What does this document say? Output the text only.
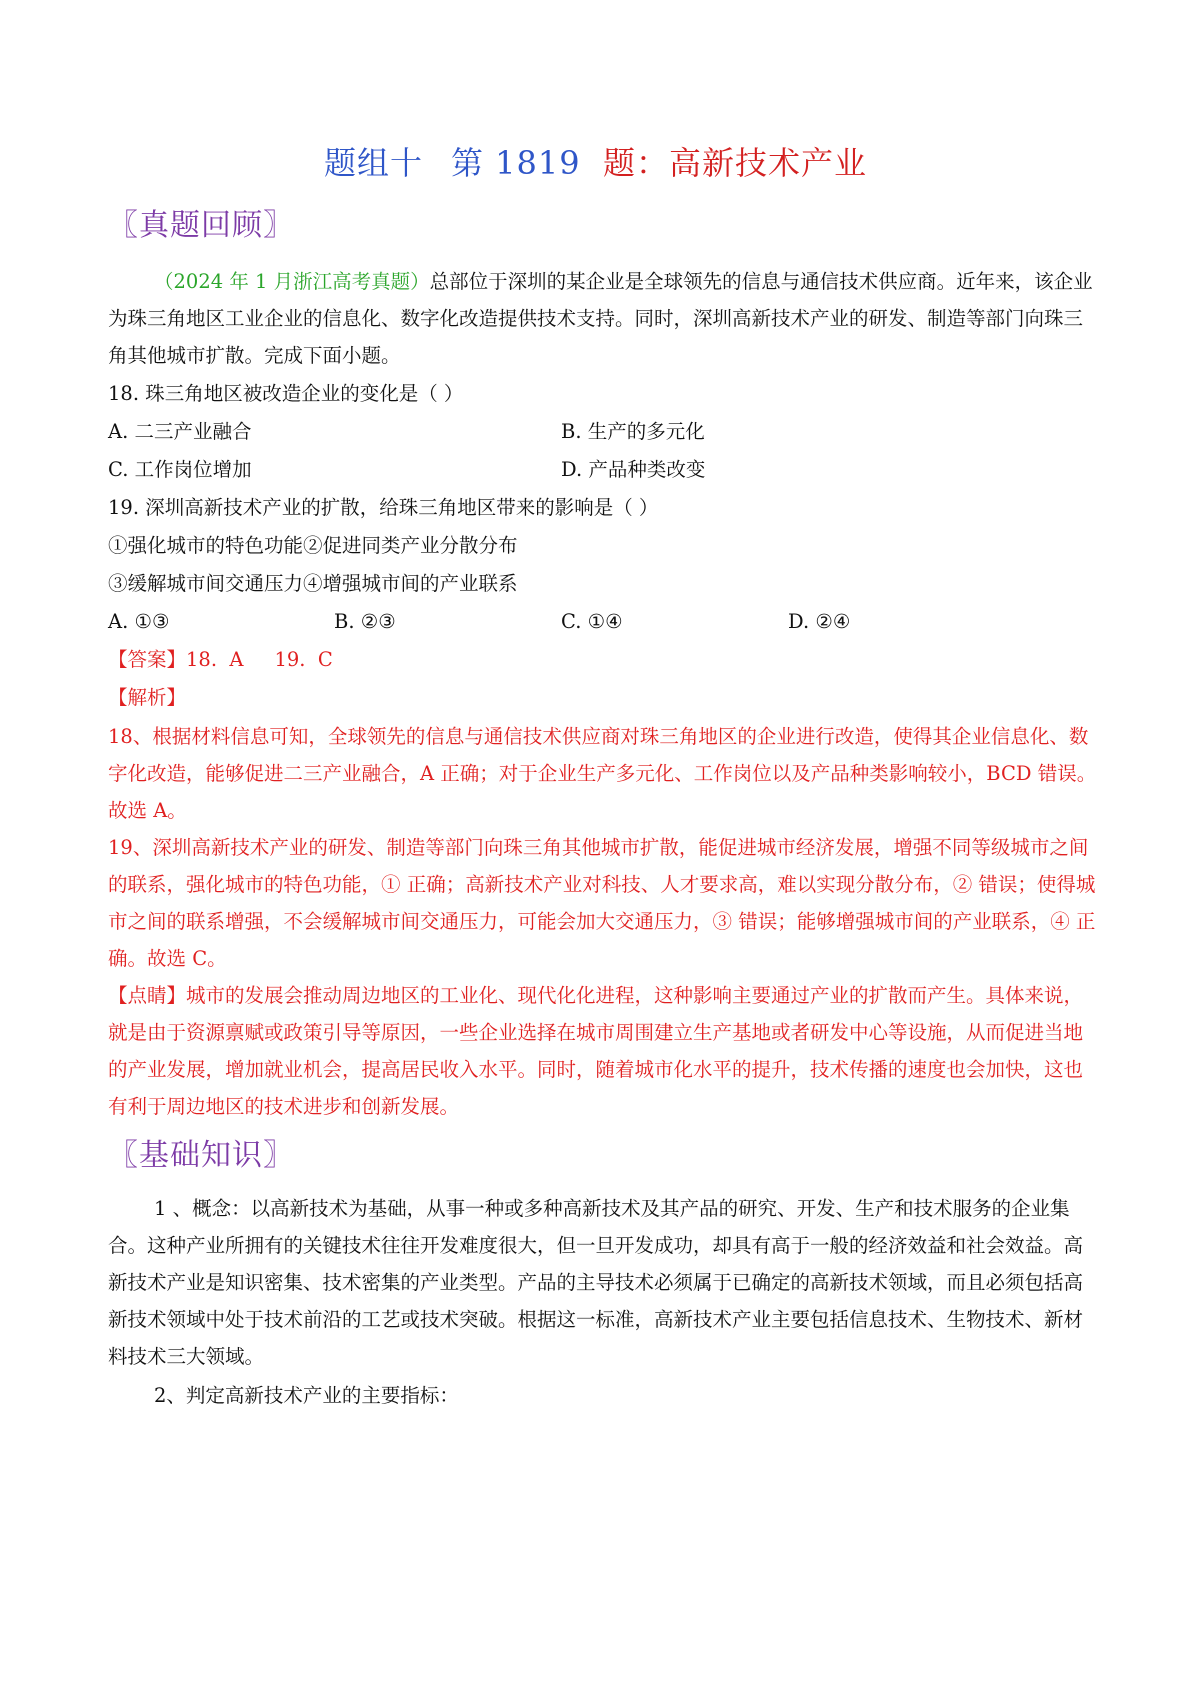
题组十 第 1819 题：高新技术产业
〖真题回顾〗
（2024 年 1 月浙江高考真题）总部位于深圳的某企业是全球领先的信息与通信技术供应商。近年来，该企业为珠三角地区工业企业的信息化、数字化改造提供技术支持。同时，深圳高新技术产业的研发、制造等部门向珠三角其他城市扩散。完成下面小题。
18. 珠三角地区被改造企业的变化是（ ）
A. 二三产业融合	B. 生产的多元化
C. 工作岗位增加	D. 产品种类改变
19. 深圳高新技术产业的扩散，给珠三角地区带来的影响是（ ）
①强化城市的特色功能②促进同类产业分散分布
③缓解城市间交通压力④增强城市间的产业联系
A. ①③	B. ②③	C. ①④	D. ②④
【答案】18.  A     19.  C
【解析】
18、根据材料信息可知，全球领先的信息与通信技术供应商对珠三角地区的企业进行改造，使得其企业信息化、数字化改造，能够促进二三产业融合，A 正确；对于企业生产多元化、工作岗位以及产品种类影响较小，BCD 错误。故选 A。
19、深圳高新技术产业的研发、制造等部门向珠三角其他城市扩散，能促进城市经济发展，增强不同等级城市之间的联系，强化城市的特色功能，① 正确；高新技术产业对科技、人才要求高，难以实现分散分布，② 错误；使得城市之间的联系增强，不会缓解城市间交通压力，可能会加大交通压力，③ 错误；能够增强城市间的产业联系，④ 正确。故选 C。
【点睛】城市的发展会推动周边地区的工业化、现代化化进程，这种影响主要通过产业的扩散而产生。具体来说，就是由于资源禀赋或政策引导等原因，一些企业选择在城市周围建立生产基地或者研发中心等设施，从而促进当地的产业发展，增加就业机会，提高居民收入水平。同时，随着城市化水平的提升，技术传播的速度也会加快，这也有利于周边地区的技术进步和创新发展。
〖基础知识〗
1 、概念：以高新技术为基础，从事一种或多种高新技术及其产品的研究、开发、生产和技术服务的企业集合。这种产业所拥有的关键技术往往开发难度很大，但一旦开发成功，却具有高于一般的经济效益和社会效益。高新技术产业是知识密集、技术密集的产业类型。产品的主导技术必须属于已确定的高新技术领域，而且必须包括高新技术领域中处于技术前沿的工艺或技术突破。根据这一标准，高新技术产业主要包括信息技术、生物技术、新材料技术三大领域。
2、判定高新技术产业的主要指标：
